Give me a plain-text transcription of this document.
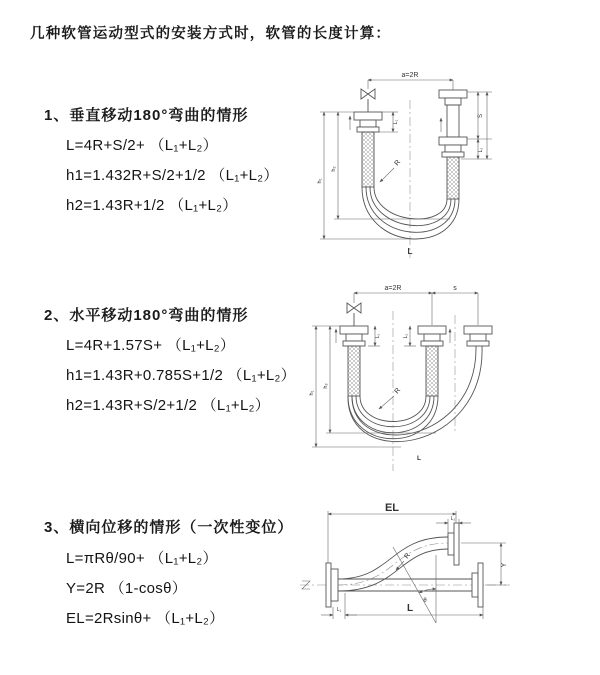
几种软管运动型式的安装方式时，软管的长度计算：
1、垂直移动180°弯曲的情形
L=4R+S/2+ （L₁+L₂）
h1=1.432R+S/2+1/2 （L₁+L₂）
h2=1.43R+1/2 （L₁+L₂）
a=2R
L₁
S
L₂
h₁
h₂
R
L
2、水平移动180°弯曲的情形
L=4R+1.57S+ （L₁+L₂）
h1=1.43R+0.785S+1/2 （L₁+L₂）
h2=1.43R+S/2+1/2 （L₁+L₂）
a=2R	s
L₁	L₂
h₁
h₂
R
L
3、横向位移的情形（一次性变位）
L=πRθ/90+ （L₁+L₂）
Y=2R （1-cosθ）
EL=2Rsinθ+ （L₁+L₂）
EL
L₂
Y
θ
R
L₁	L
